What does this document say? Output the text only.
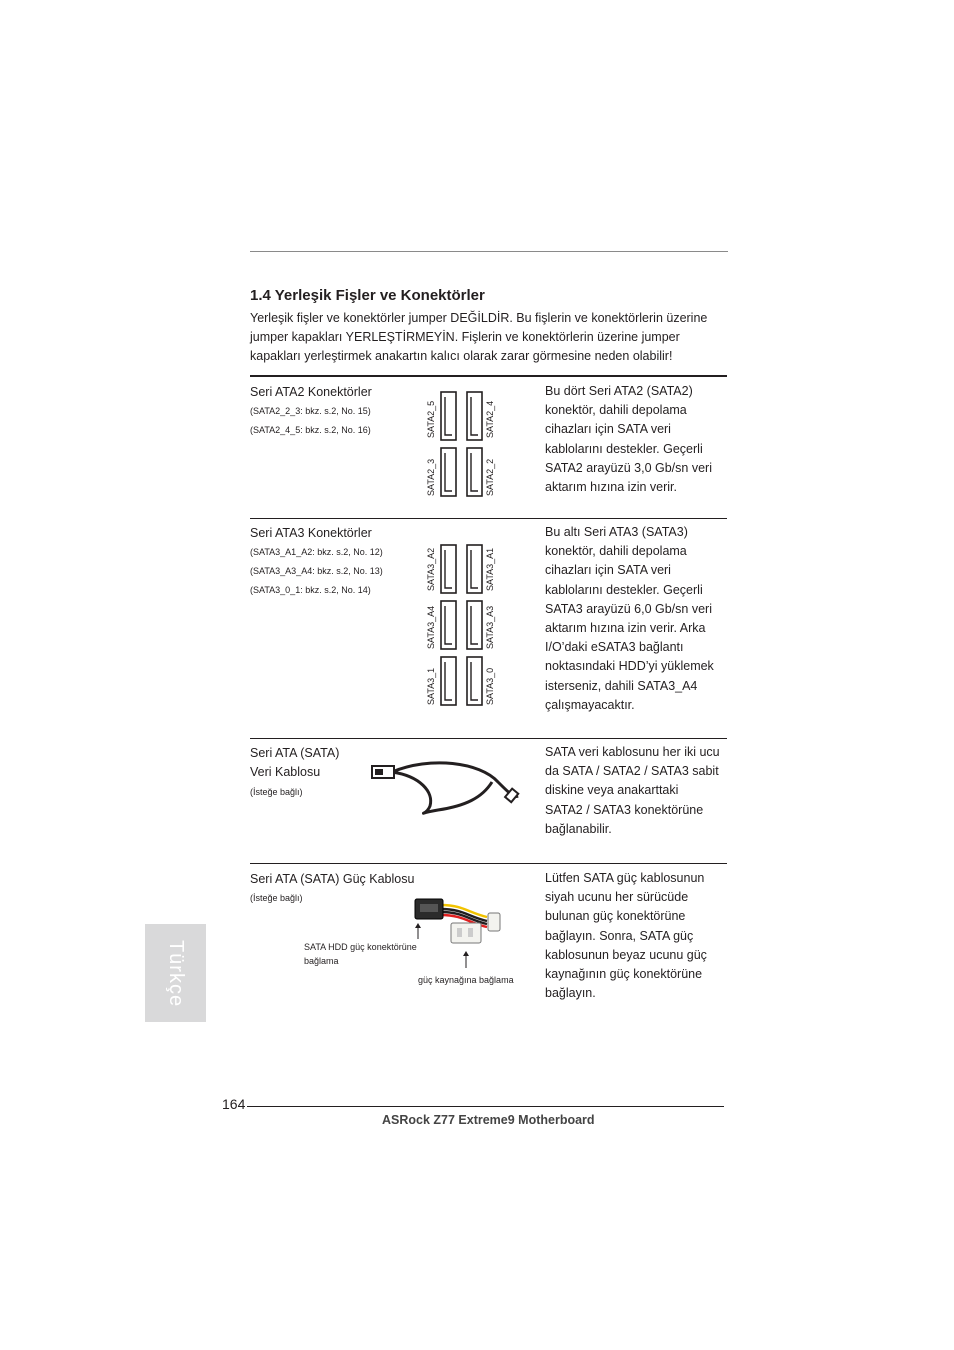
1.4 Yerleşik Fişler ve Konektörler
Yerleşik fişler ve konektörler jumper DEĞİLDİR. Bu fişlerin ve konektörlerin üzerine
jumper kapakları YERLEŞTİRMEYİN. Fişlerin ve konektörlerin üzerine jumper
kapakları yerleştirmek anakartın kalıcı olarak zarar görmesine neden olabilir!
Seri ATA2 Konektörler
(SATA2_2_3: bkz. s.2, No. 15)
(SATA2_4_5: bkz. s.2, No. 16)	SATA2_5	SATA2_4
SATA2_3	SATA2_2
Bu dört Seri ATA2 (SATA2)
konektör, dahili depolama
cihazları için SATA veri
kablolarını destekler. Geçerli
SATA2 arayüzü 3,0 Gb/sn veri
aktarım hızına izin verir.
Seri ATA3 Konektörler
(SATA3_A1_A2: bkz. s.2, No. 12)
(SATA3_A3_A4: bkz. s.2, No. 13)
(SATA3_0_1: bkz. s.2, No. 14)	SATA3_A2	SATA3_A1
SATA3_A4	SATA3_A3
SATA3_1	SATA3_0
Bu altı Seri ATA3 (SATA3)
konektör, dahili depolama
cihazları için SATA veri
kablolarını destekler. Geçerli
SATA3 arayüzü 6,0 Gb/sn veri
aktarım hızına izin verir. Arka
I/O’daki eSATA3 bağlantı
noktasındaki HDD’yi yüklemek
isterseniz, dahili SATA3_A4
çalışmayacaktır.
Seri ATA (SATA)
Veri Kablosu
(İsteğe bağlı)
SATA veri kablosunu her iki ucu
da SATA / SATA2 / SATA3 sabit
diskine veya anakarttaki
SATA2 / SATA3 konektörüne
bağlanabilir.
Seri ATA (SATA) Güç Kablosu
(İsteğe bağlı)
SATA HDD güç konektörüne
bağlama
güç kaynağına bağlama
Lütfen SATA güç kablosunun
siyah ucunu her sürücüde
bulunan güç konektörüne
bağlayın. Sonra, SATA güç
kablosunun beyaz ucunu güç
kaynağının güç konektörüne
bağlayın.
Türkçe
164
ASRock Z77 Extreme9 Motherboard
